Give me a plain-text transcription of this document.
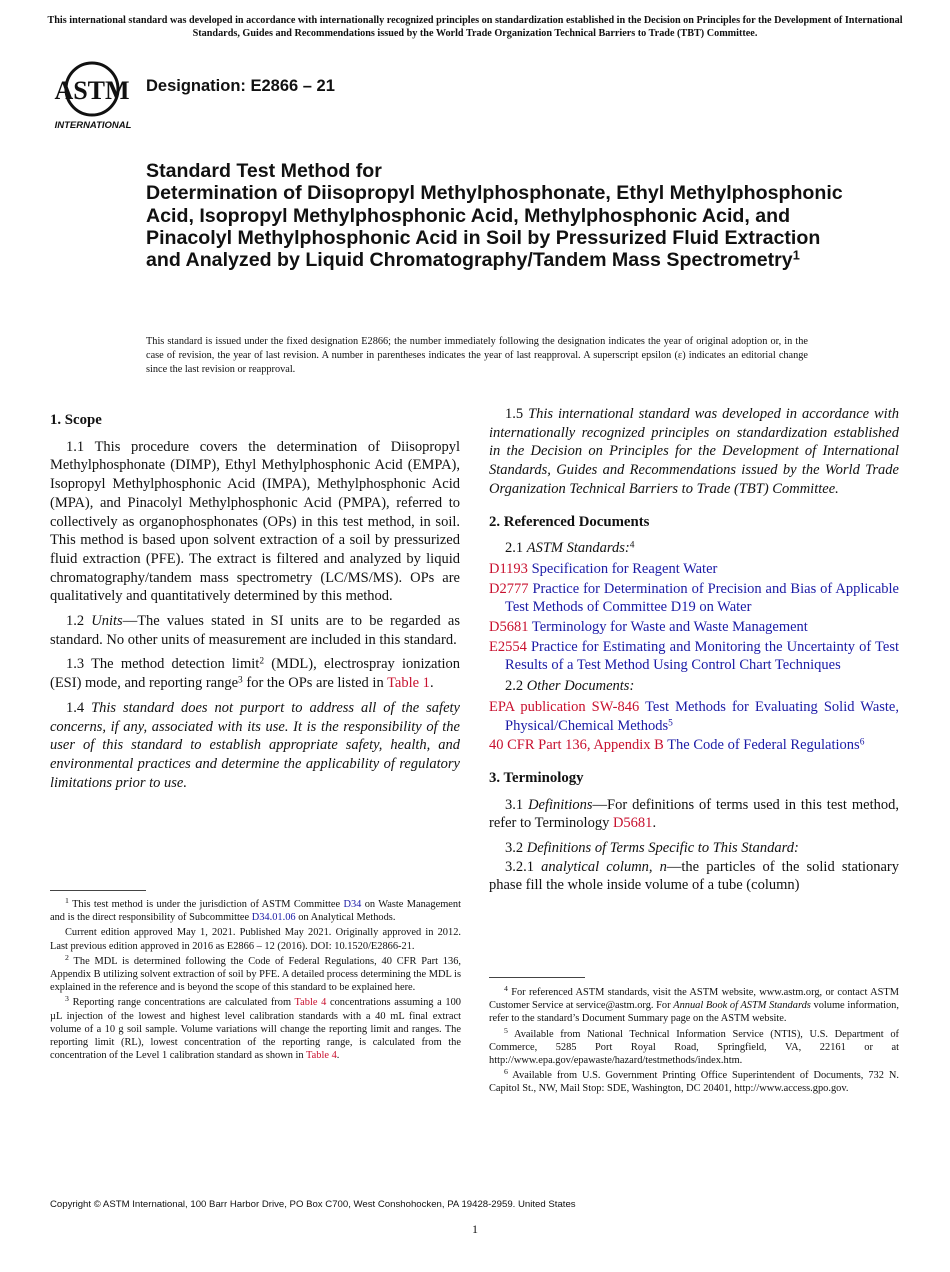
This international standard was developed in accordance with internationally recognized principles on standardization established in the Decision on Principles for the Development of International Standards, Guides and Recommendations issued by the World Trade Organization Technical Barriers to Trade (TBT) Committee.
ASTM
INTERNATIONAL
Designation: E2866 – 21
Standard Test Method for
Determination of Diisopropyl Methylphosphonate, Ethyl Methylphosphonic Acid, Isopropyl Methylphosphonic Acid, Methylphosphonic Acid, and Pinacolyl Methylphosphonic Acid in Soil by Pressurized Fluid Extraction and Analyzed by Liquid Chromatography/Tandem Mass Spectrometry$^1$
This standard is issued under the fixed designation E2866; the number immediately following the designation indicates the year of original adoption or, in the case of revision, the year of last revision. A number in parentheses indicates the year of last reapproval. A superscript epsilon (ε) indicates an editorial change since the last revision or reapproval.
1. Scope

1.1 This procedure covers the determination of Diisopropyl Methylphosphonate (DIMP), Ethyl Methylphosphonic Acid (EMPA), Isopropyl Methylphosphonic Acid (IMPA), Methylphosphonic Acid (MPA), and Pinacolyl Methylphosphonic Acid (PMPA), referred to collectively as organophosphonates (OPs) in this test method, in soil. This method is based upon solvent extraction of a soil by pressurized fluid extraction (PFE). The extract is filtered and analyzed by liquid chromatography/tandem mass spectrometry (LC/MS/MS). OPs are qualitatively and quantitatively determined by this method.

1.2 Units—The values stated in SI units are to be regarded as standard. No other units of measurement are included in this standard.

1.3 The method detection limit$^2$ (MDL), electrospray ionization (ESI) mode, and reporting range$^3$ for the OPs are listed in Table 1.

1.4 This standard does not purport to address all of the safety concerns, if any, associated with its use. It is the responsibility of the user of this standard to establish appropriate safety, health, and environmental practices and determine the applicability of regulatory limitations prior to use.

1.5 This international standard was developed in accordance with internationally recognized principles on standardization established in the Decision on Principles for the Development of International Standards, Guides and Recommendations issued by the World Trade Organization Technical Barriers to Trade (TBT) Committee.

2. Referenced Documents
2.1 ASTM Standards:$^4$
D1193 Specification for Reagent Water
D2777 Practice for Determination of Precision and Bias of Applicable Test Methods of Committee D19 on Water
D5681 Terminology for Waste and Waste Management
E2554 Practice for Estimating and Monitoring the Uncertainty of Test Results of a Test Method Using Control Chart Techniques
2.2 Other Documents:
EPA publication SW-846 Test Methods for Evaluating Solid Waste, Physical/Chemical Methods$^5$
40 CFR Part 136, Appendix B The Code of Federal Regulations$^6$
3. Terminology

3.1 Definitions—For definitions of terms used in this test method, refer to Terminology D5681.

3.2 Definitions of Terms Specific to This Standard:

3.2.1 analytical column, n—the particles of the solid stationary phase fill the whole inside volume of a tube (column)

$^1$ This test method is under the jurisdiction of ASTM Committee D34 on Waste Management and is the direct responsibility of Subcommittee D34.01.06 on Analytical Methods.

Current edition approved May 1, 2021. Published May 2021. Originally approved in 2012. Last previous edition approved in 2016 as E2866 – 12 (2016). DOI: 10.1520/E2866-21.

$^2$ The MDL is determined following the Code of Federal Regulations, 40 CFR Part 136, Appendix B utilizing solvent extraction of soil by PFE. A detailed process determining the MDL is explained in the reference and is beyond the scope of this standard to be explained here.

$^3$ Reporting range concentrations are calculated from Table 4 concentrations assuming a 100 µL injection of the lowest and highest level calibration standards with a 40 mL final extract volume of a 10 g soil sample. Volume variations will change the reporting limit and ranges. The reporting limit (RL), lowest concentration of the reporting range, is calculated from the concentration of the Level 1 calibration standard as shown in Table 4.

$^4$ For referenced ASTM standards, visit the ASTM website, www.astm.org, or contact ASTM Customer Service at service@astm.org. For Annual Book of ASTM Standards volume information, refer to the standard’s Document Summary page on the ASTM website.

$^5$ Available from National Technical Information Service (NTIS), U.S. Department of Commerce, 5285 Port Royal Road, Springfield, VA, 22161 or at http://www.epa.gov/epawaste/hazard/testmethods/index.htm.

$^6$ Available from U.S. Government Printing Office Superintendent of Documents, 732 N. Capitol St., NW, Mail Stop: SDE, Washington, DC 20401, http://www.access.gpo.gov.

Copyright © ASTM International, 100 Barr Harbor Drive, PO Box C700, West Conshohocken, PA 19428-2959. United States
1
